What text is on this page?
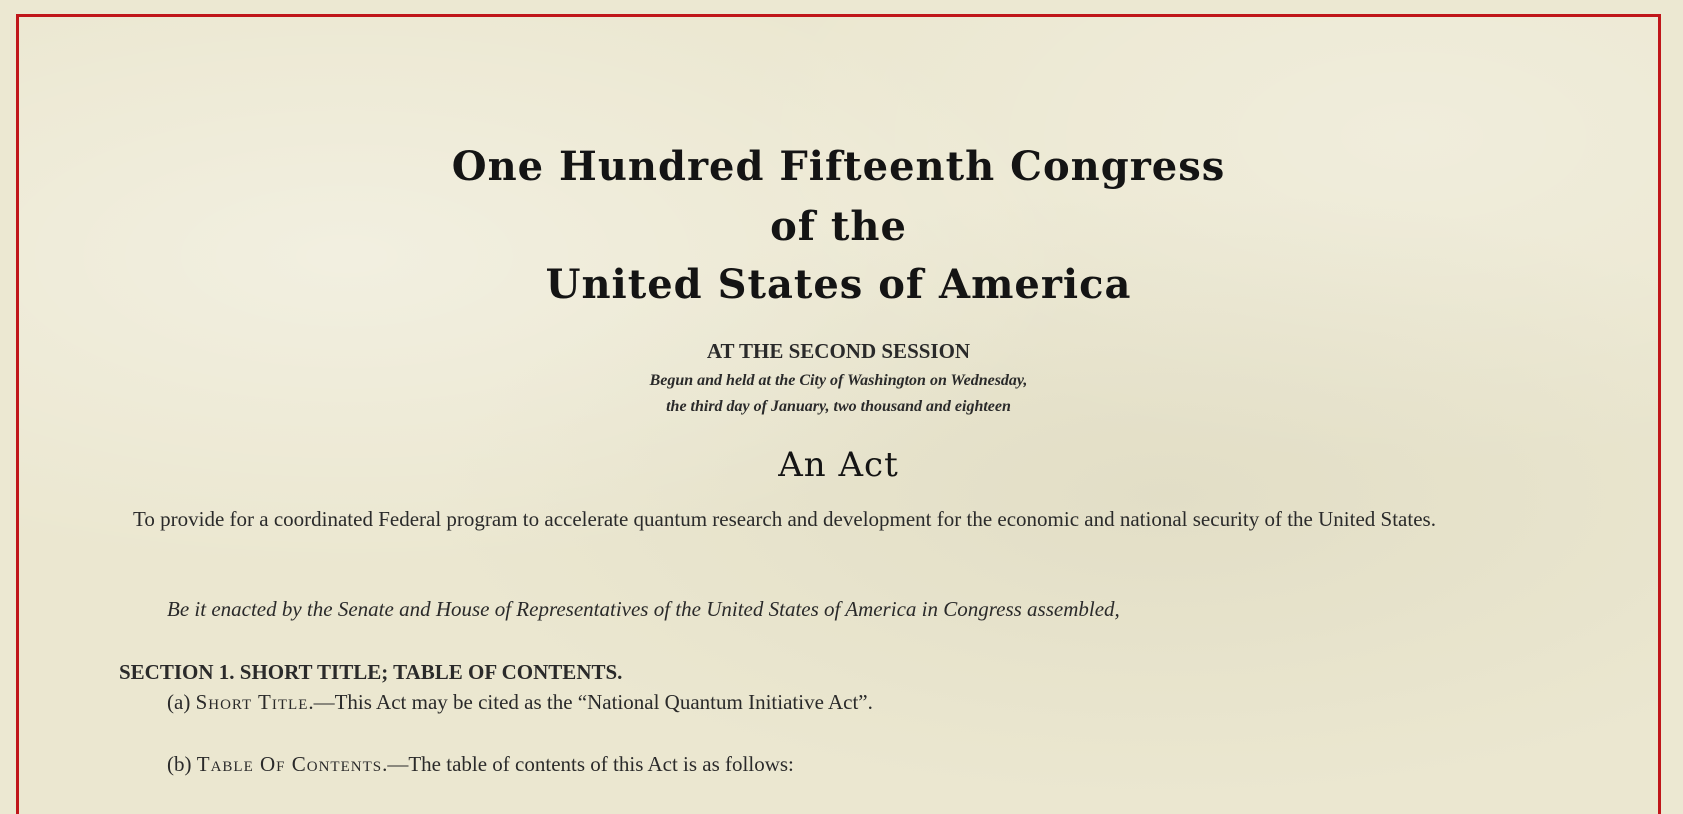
One Hundred Fifteenth Congress
of the
United States of America
AT THE SECOND SESSION
Begun and held at the City of Washington on Wednesday,
the third day of January, two thousand and eighteen
An Act
To provide for a coordinated Federal program to accelerate quantum research and development for the economic and national security of the United States.
Be it enacted by the Senate and House of Representatives of the United States of America in Congress assembled,
SECTION 1. SHORT TITLE; TABLE OF CONTENTS.
(a) Short Title.—This Act may be cited as the “National Quantum Initiative Act”.
(b) Table Of Contents.—The table of contents of this Act is as follows:
